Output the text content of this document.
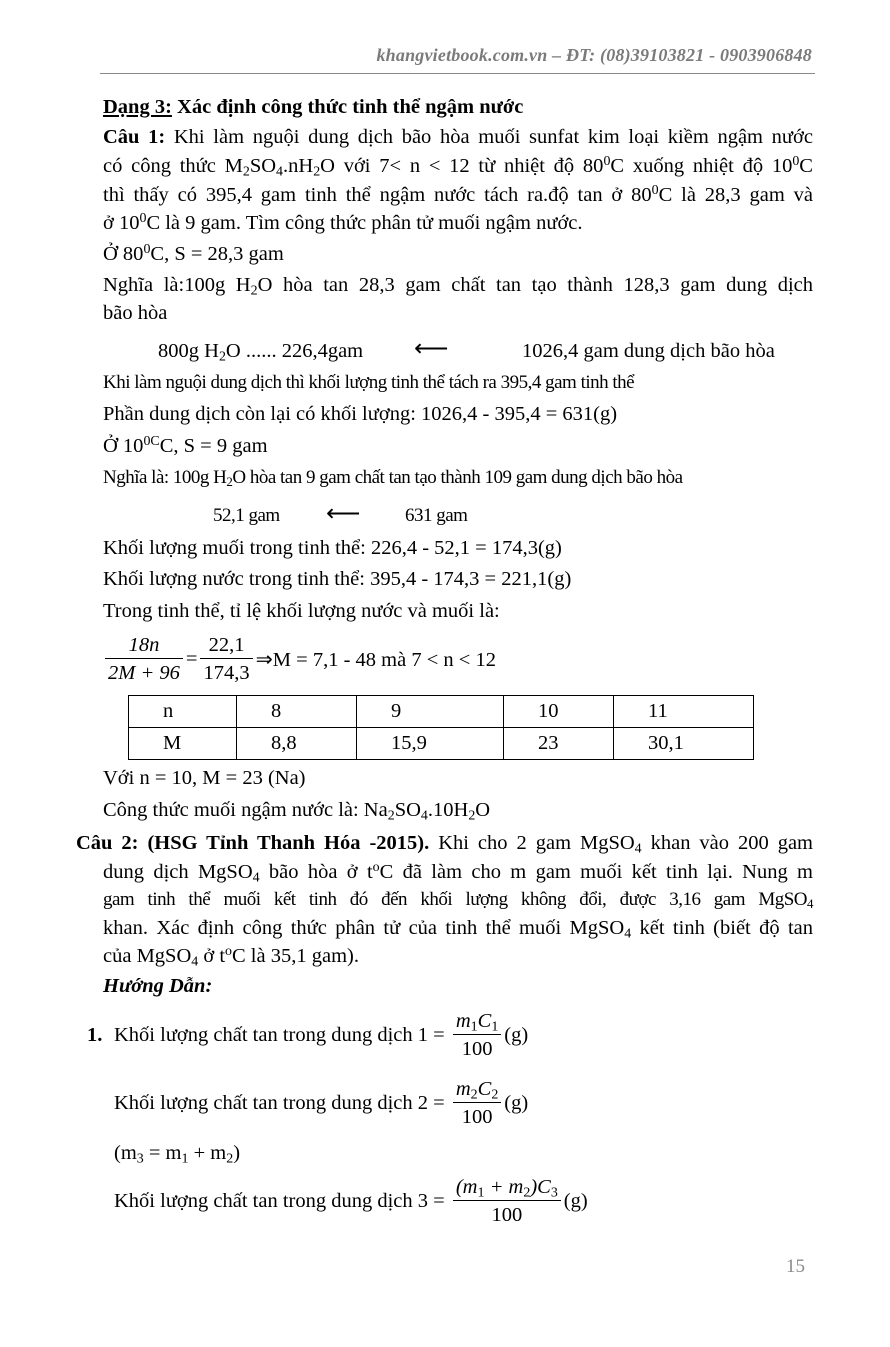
khangvietbook.com.vn – ĐT: (08)39103821 - 0903906848
Dạng 3: Xác định công thức tinh thể ngậm nước
Câu 1: Khi làm nguội dung dịch bão hòa muối sunfat kim loại kiềm ngậm nước
có công thức $M_2SO_4.nH_2O$ với 7< n < 12 từ nhiệt độ $80^0C$ xuống nhiệt độ $10^0C$
thì thấy có 395,4 gam tinh thể ngậm nước tách ra.độ tan ở $80^0C$ là 28,3 gam và
ở $10^0C$ là 9 gam. Tìm công thức phân tử muối ngậm nước.
Ở $80^0C$, S = 28,3 gam
Nghĩa là:100g $H_2O$ hòa tan 28,3 gam chất tan tạo thành 128,3 gam dung dịch
bão hòa
800g $H_2O$ ...... 226,4gam ⟵	1026,4 gam dung dịch bão hòa
Khi làm nguội dung dịch thì khối lượng tinh thể tách ra 395,4 gam tinh thể
Phần dung dịch còn lại có khối lượng: 1026,4 - 395,4 = 631(g)
Ở $10^{0C}C$, S = 9 gam
Nghĩa là: 100g $H_2O$ hòa tan 9 gam chất tan tạo thành 109 gam dung dịch bão hòa
52,1 gam ⟵ 631 gam
Khối lượng muối trong tinh thể: 226,4 - 52,1 = 174,3(g)
Khối lượng nước trong tinh thể: 395,4 - 174,3 = 221,1(g)
Trong tinh thể, tỉ lệ khối lượng nước và muối là:
$\frac{18n}{2M + 96} = \frac{22,1}{174,3}$ ⇒M = 7,1 - 48 mà 7 < n < 12
n	8	9	10	11
M	8,8	15,9	23	30,1
Với n = 10, M = 23 (Na)
Công thức muối ngậm nước là: $Na_2SO_4.10H_2O$
Câu 2: (HSG Tỉnh Thanh Hóa -2015). Khi cho 2 gam MgSO$_4$ khan vào 200 gam
dung dịch MgSO$_4$ bão hòa ở $t^oC$ đã làm cho m gam muối kết tinh lại. Nung m
gam tinh thể muối kết tinh đó đến khối lượng không đổi, được 3,16 gam MgSO$_4$
khan. Xác định công thức phân tử của tinh thể muối MgSO$_4$ kết tinh (biết độ tan
của MgSO$_4$ ở $t^oC$ là 35,1 gam).
Hướng Dẫn:
1. Khối lượng chất tan trong dung dịch $1 = \frac{m_1C_1}{100} (g)$
Khối lượng chất tan trong dung dịch $2 = \frac{m_2C_2}{100} (g)$
$(m_3 = m_1 + m_2)$
Khối lượng chất tan trong dung dịch $3 = \frac{(m_1 + m_2)C_3}{100} (g)$
15
